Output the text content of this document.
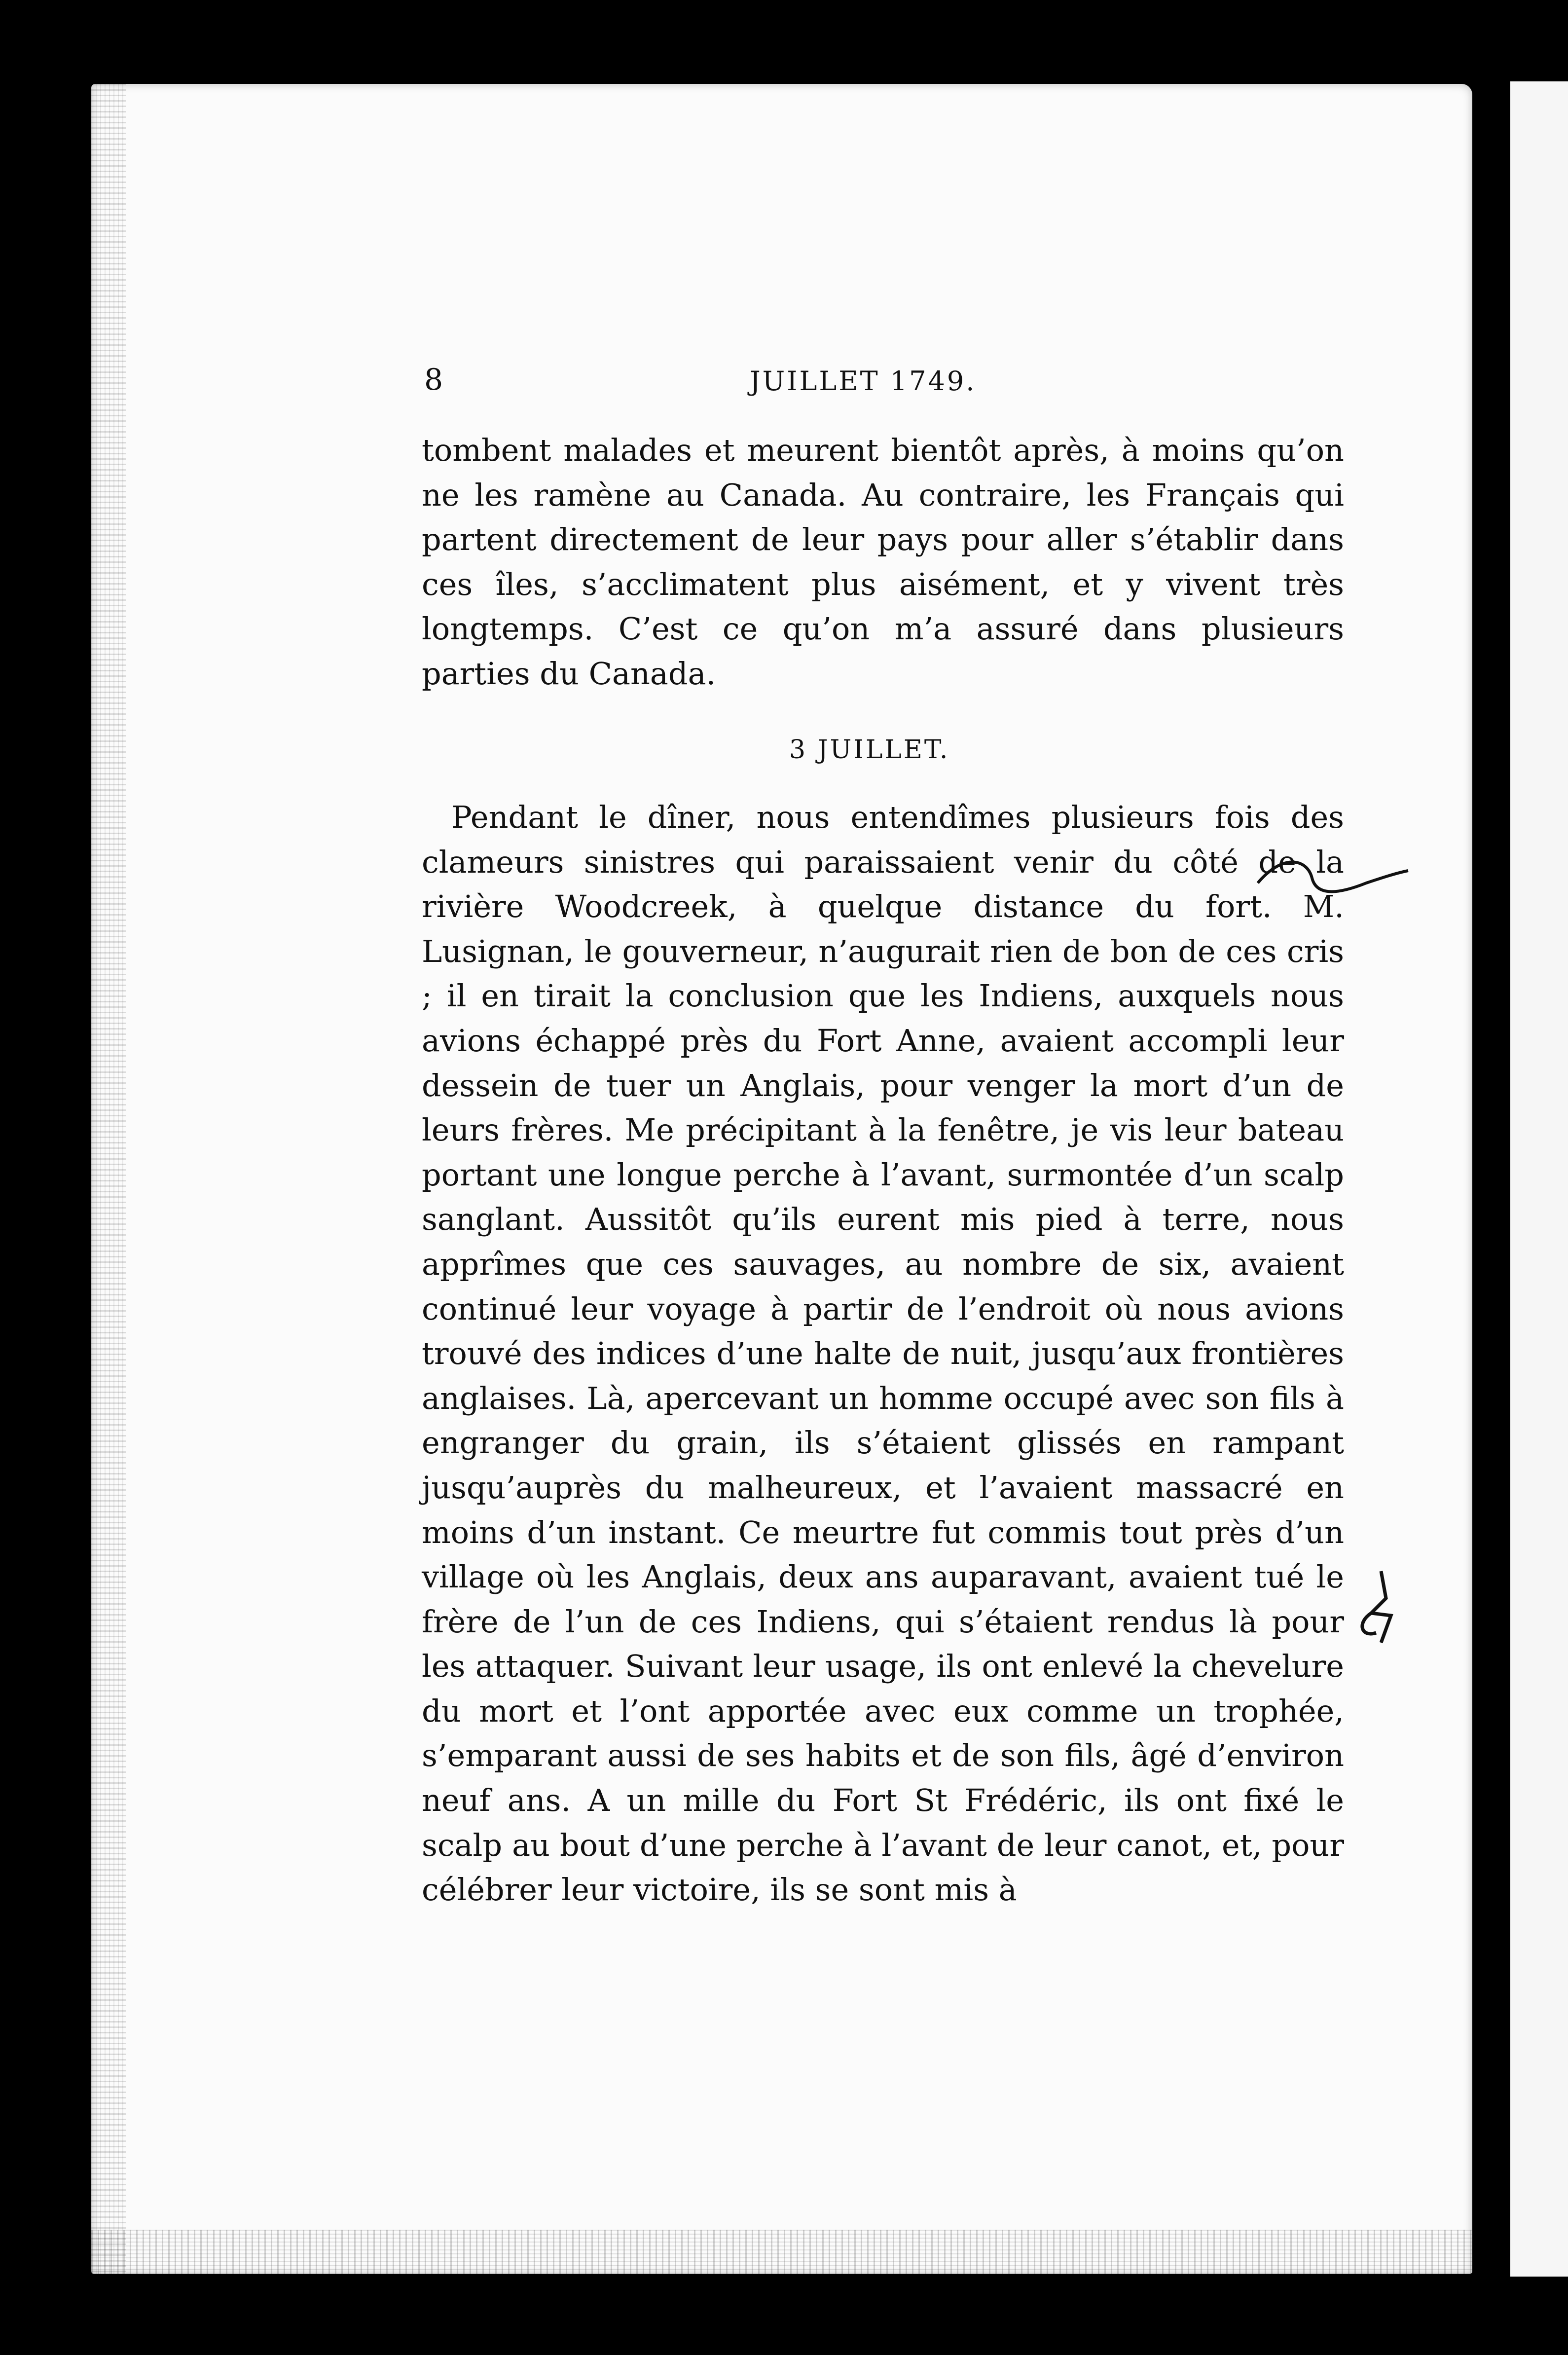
8	JUILLET 1749.

tombent malades et meurent bientôt après, à moins qu’on ne les ramène au Canada. Au contraire, les Français qui partent directement de leur pays pour aller s’établir dans ces îles, s’acclimatent plus aisément, et y vivent très longtemps. C’est ce qu’on m’a assuré dans plusieurs parties du Canada.

3 JUILLET.

Pendant le dîner, nous entendîmes plusieurs fois des clameurs sinistres qui paraissaient venir du côté de la rivière Woodcreek, à quelque distance du fort. M. Lusignan, le gouverneur, n’augurait rien de bon de ces cris ; il en tirait la conclusion que les Indiens, auxquels nous avions échappé près du Fort Anne, avaient accompli leur dessein de tuer un Anglais, pour venger la mort d’un de leurs frères. Me précipitant à la fenêtre, je vis leur bateau portant une longue perche à l’avant, surmontée d’un scalp sanglant. Aussitôt qu’ils eurent mis pied à terre, nous apprîmes que ces sauvages, au nombre de six, avaient continué leur voyage à partir de l’endroit où nous avions trouvé des indices d’une halte de nuit, jusqu’aux frontières anglaises. Là, apercevant un homme occupé avec son fils à engranger du grain, ils s’étaient glissés en rampant jusqu’auprès du malheureux, et l’avaient massacré en moins d’un instant. Ce meurtre fut commis tout près d’un village où les Anglais, deux ans auparavant, avaient tué le frère de l’un de ces Indiens, qui s’étaient rendus là pour les attaquer. Suivant leur usage, ils ont enlevé la chevelure du mort et l’ont apportée avec eux comme un trophée, s’emparant aussi de ses habits et de son fils, âgé d’environ neuf ans. A un mille du Fort St Frédéric, ils ont fixé le scalp au bout d’une perche à l’avant de leur canot, et, pour célébrer leur victoire, ils se sont mis à
